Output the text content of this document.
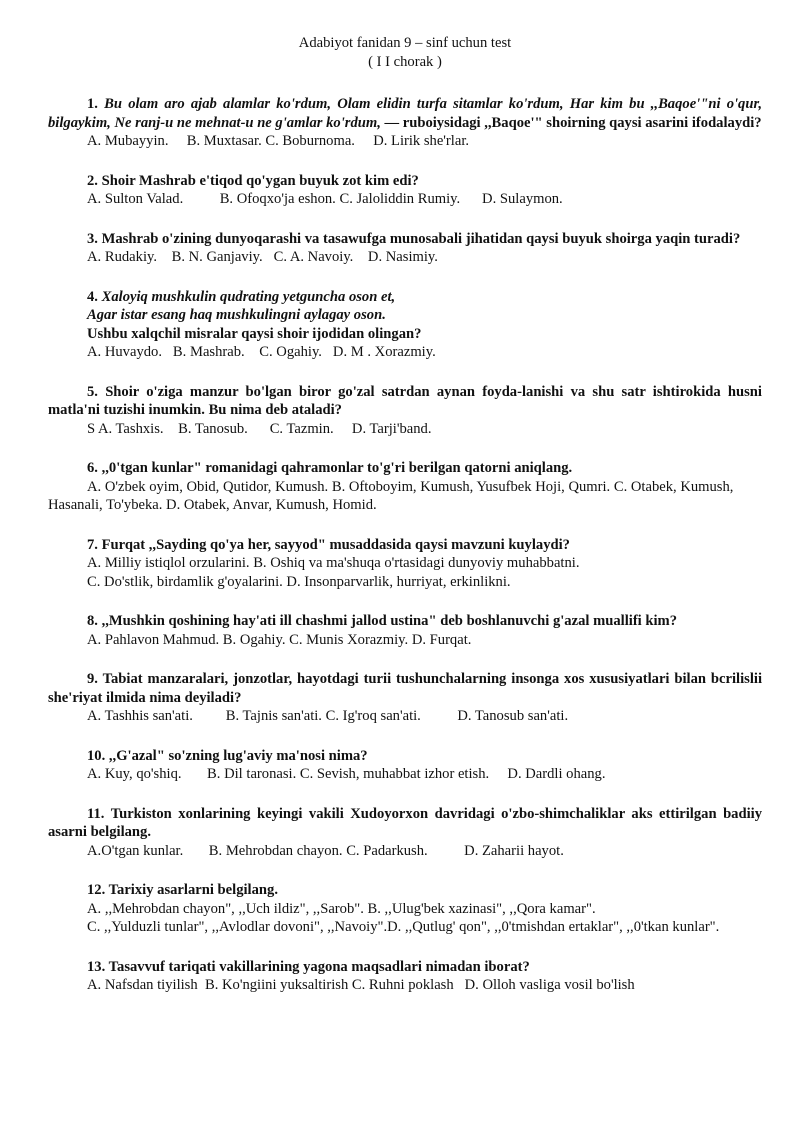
Adabiyot fanidan 9 – sinf uchun test

( I I chorak )

1. Bu olam aro ajab alamlar ko'rdum, Olam elidin turfa sitamlar ko'rdum, Har kim bu ,,Baqoe'"ni o'qur, bilgaykim, Ne ranj-u ne mehnat-u ne g'amlar ko'rdum, — ruboiysidagi ,,Baqoe'" shoirning qaysi asarini ifodalaydi?

A. Mubayyin.     B. Muxtasar. C. Boburnoma.     D. Lirik she'rlar.

2. Shoir Mashrab e'tiqod qo'ygan buyuk zot kim edi?

A. Sulton Valad.          B. Ofoqxo'ja eshon. C. Jaloliddin Rumiy.      D. Sulaymon.

3. Mashrab o'zining dunyoqarashi va tasawufga munosabali jihatidan qaysi buyuk shoirga yaqin turadi?

A. Rudakiy.    B. N. Ganjaviy.   C. A. Navoiy.    D. Nasimiy.

4. Xaloyiq mushkulin qudrating yetguncha oson et,

Agar istar esang haq mushkulingni aylagay oson.

Ushbu xalqchil misralar qaysi shoir ijodidan olingan?

A. Huvaydo.   B. Mashrab.    C. Ogahiy.   D. M . Xorazmiy.

5. Shoir o'ziga manzur bo'lgan biror go'zal satrdan aynan foyda-lanishi va shu satr ishtirokida husni matla'ni tuzishi inumkin. Bu nima deb ataladi?

S A. Tashxis.    B. Tanosub.      C. Tazmin.     D. Tarji'band.

6. ,,0'tgan kunlar" romanidagi qahramonlar to'g'ri berilgan qatorni aniqlang.

A. O'zbek oyim, Obid, Qutidor, Kumush. B. Oftoboyim, Kumush, Yusufbek Hoji, Qumri. C. Otabek, Kumush, Hasanali, To'ybeka. D. Otabek, Anvar, Kumush, Homid.

7. Furqat ,,Sayding qo'ya her, sayyod" musaddasida qaysi mavzuni kuylaydi?

A. Milliy istiqlol orzularini. B. Oshiq va ma'shuqa o'rtasidagi dunyoviy muhabbatni.

C. Do'stlik, birdamlik g'oyalarini. D. Insonparvarlik, hurriyat, erkinlikni.

8. ,,Mushkin qoshining hay'ati ill chashmi jallod ustina" deb boshlanuvchi g'azal muallifi kim?

A. Pahlavon Mahmud. B. Ogahiy. C. Munis Xorazmiy. D. Furqat.

9. Tabiat manzaralari, jonzotlar, hayotdagi turii tushunchalarning insonga xos xususiyatlari bilan bcrilislii she'riyat ilmida nima deyiladi?

A. Tashhis san'ati.         B. Tajnis san'ati. C. Ig'roq san'ati.          D. Tanosub san'ati.

10. ,,G'azal" so'zning lug'aviy ma'nosi nima?

A. Kuy, qo'shiq.       B. Dil taronasi. C. Sevish, muhabbat izhor etish.     D. Dardli ohang.

11. Turkiston xonlarining keyingi vakili Xudoyorxon davridagi o'zbo-shimchaliklar aks ettirilgan badiiy asarni belgilang.

A.O'tgan kunlar.       B. Mehrobdan chayon. C. Padarkush.          D. Zaharii hayot.

12. Tarixiy asarlarni belgilang.

A. ,,Mehrobdan chayon", ,,Uch ildiz", ,,Sarob". B. ,,Ulug'bek xazinasi", ,,Qora kamar".

C. ,,Yulduzli tunlar", ,,Avlodlar dovoni", ,,Navoiy".D. ,,Qutlug' qon", ,,0'tmishdan ertaklar", ,,0'tkan kunlar".

13. Tasavvuf tariqati vakillarining yagona maqsadlari nimadan iborat?

A. Nafsdan tiyilish  B. Ko'ngiini yuksaltirish C. Ruhni poklash   D. Olloh vasliga vosil bo'lish
